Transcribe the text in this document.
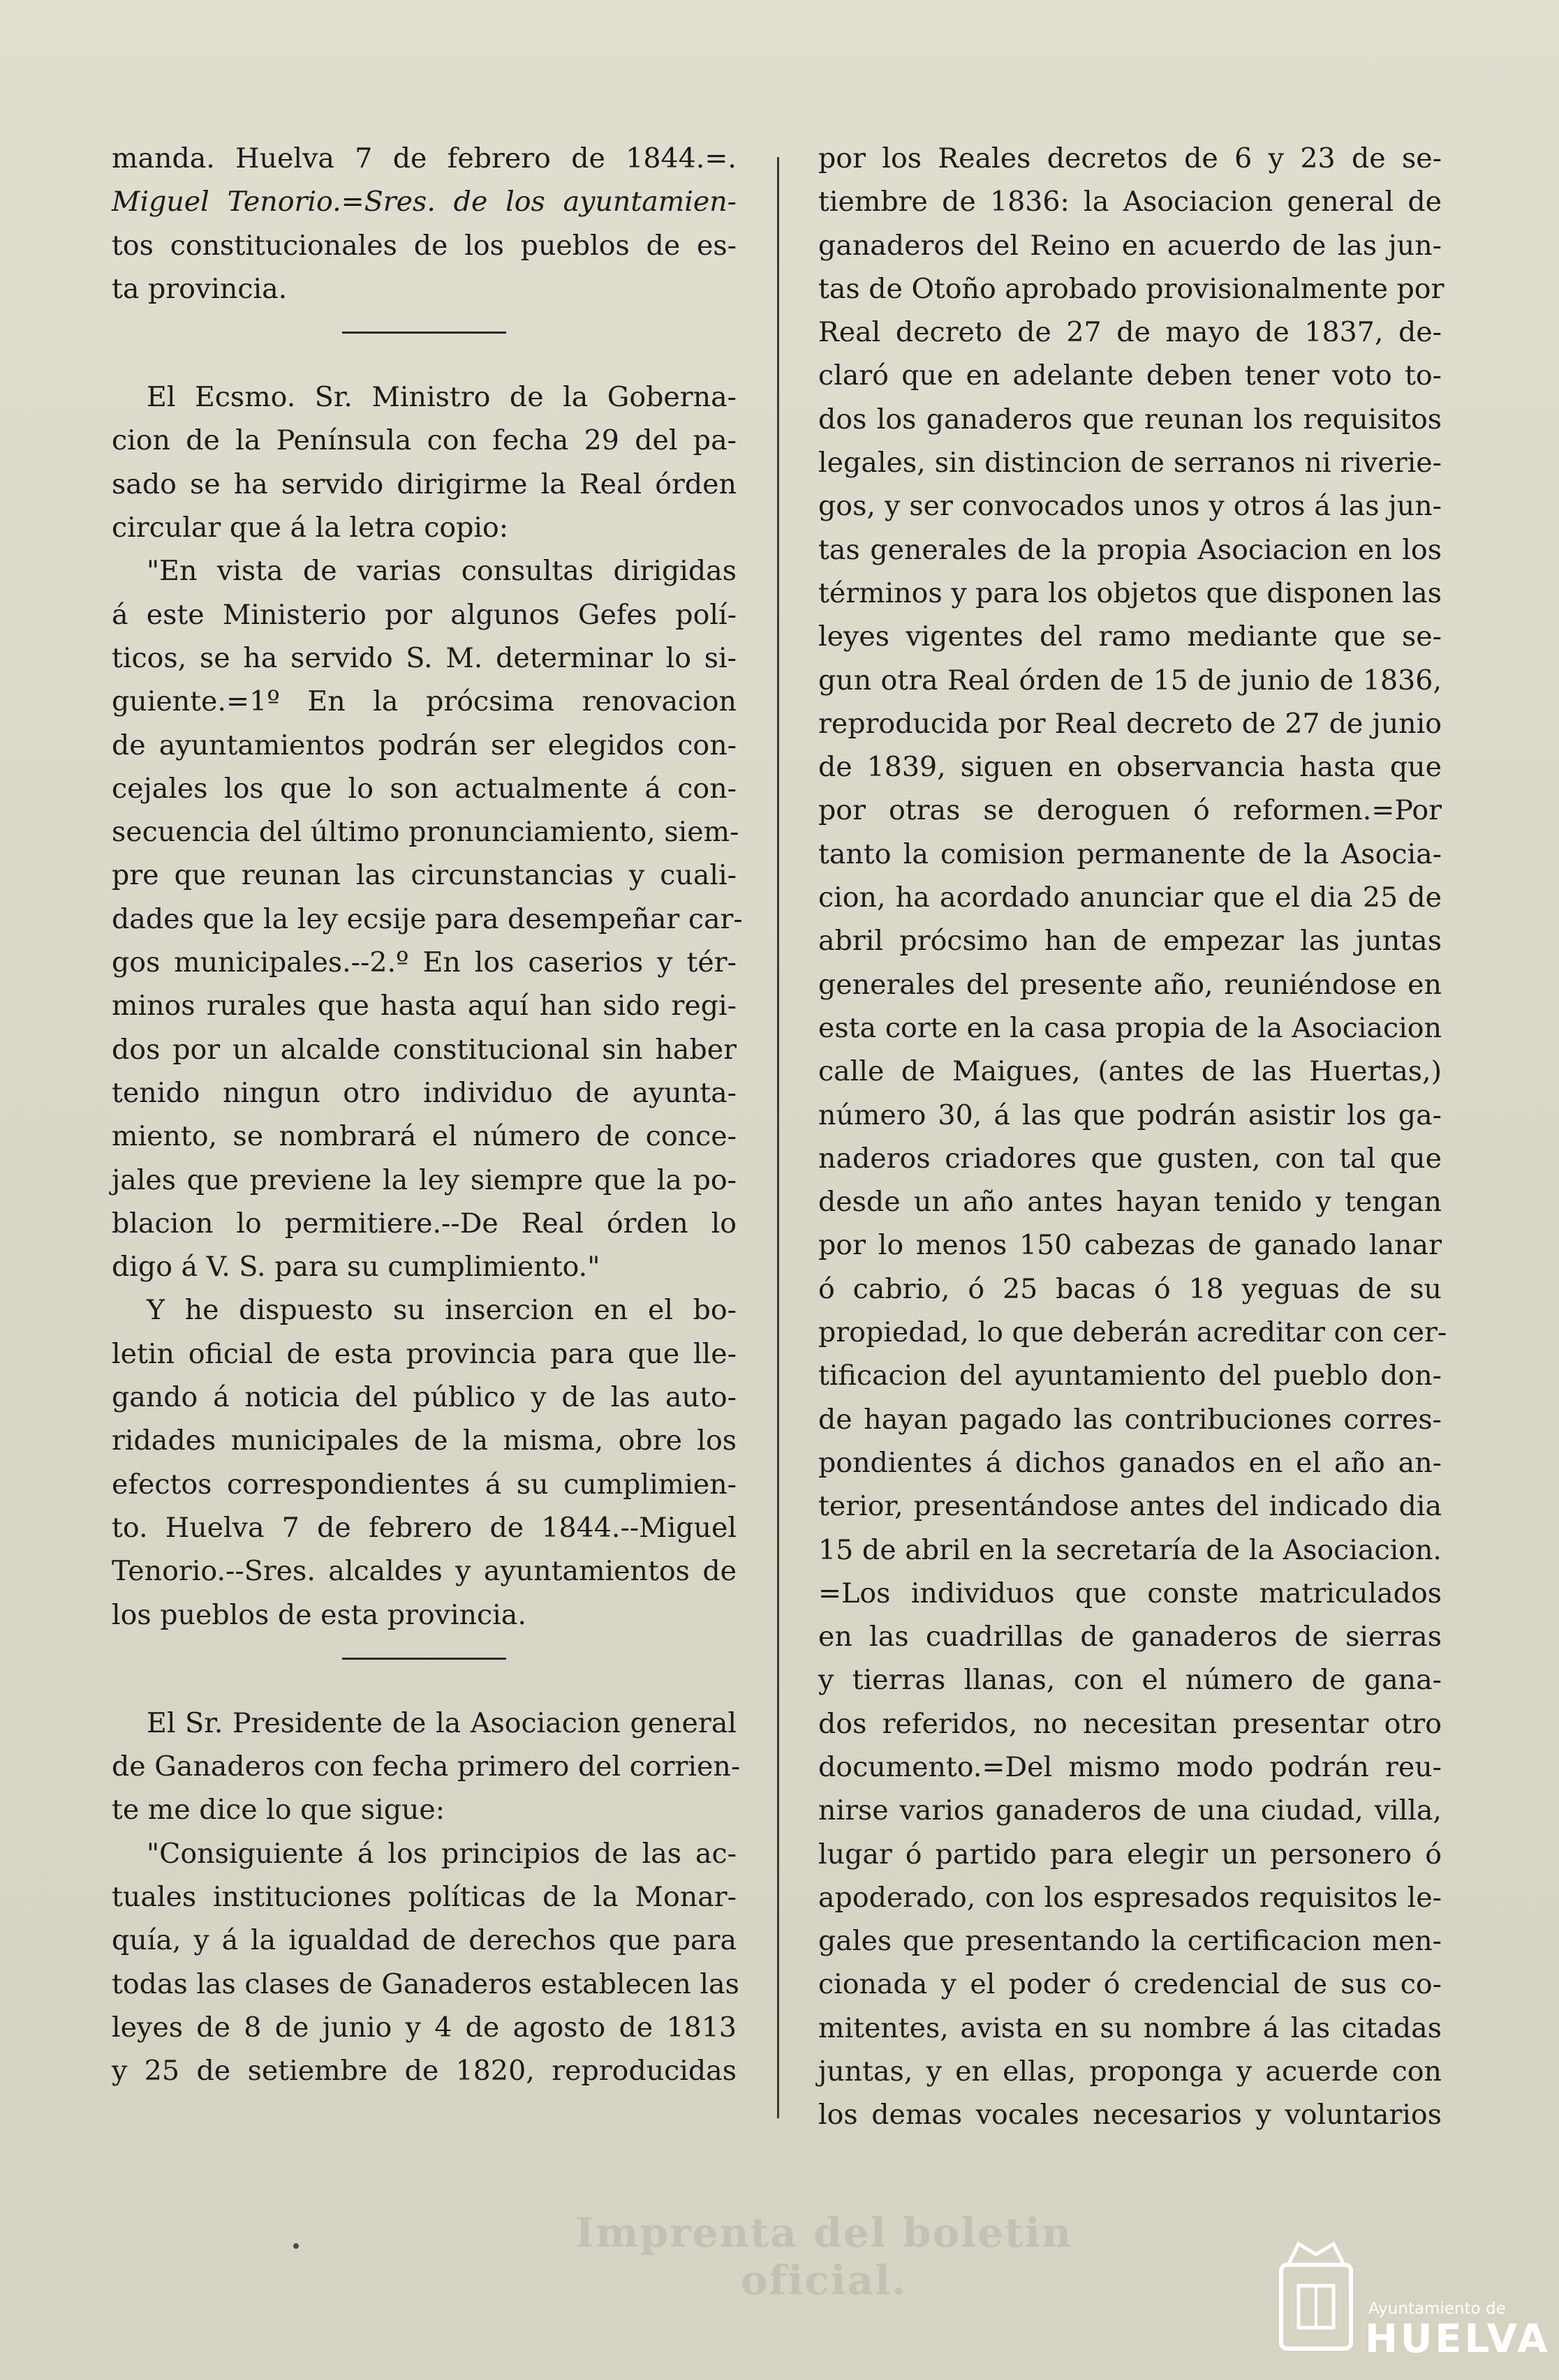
manda. Huelva 7 de febrero de 1844.=.
Miguel Tenorio.=Sres. de los ayuntamien-
tos constitucionales de los pueblos de es-
ta provincia.

El Ecsmo. Sr. Ministro de la Goberna-
cion de la Península con fecha 29 del pa-
sado se ha servido dirigirme la Real órden
circular que á la letra copio:
"En vista de varias consultas dirigidas
á este Ministerio por algunos Gefes polí-
ticos, se ha servido S. M. determinar lo si-
guiente.=1º En la prócsima renovacion
de ayuntamientos podrán ser elegidos con-
cejales los que lo son actualmente á con-
secuencia del último pronunciamiento, siem-
pre que reunan las circunstancias y cuali-
dades que la ley ecsije para desempeñar car-
gos municipales.--2.º En los caserios y tér-
minos rurales que hasta aquí han sido regi-
dos por un alcalde constitucional sin haber
tenido ningun otro individuo de ayunta-
miento, se nombrará el número de conce-
jales que previene la ley siempre que la po-
blacion lo permitiere.--De Real órden lo
digo á V. S. para su cumplimiento."
Y he dispuesto su insercion en el bo-
letin oficial de esta provincia para que lle-
gando á noticia del público y de las auto-
ridades municipales de la misma, obre los
efectos correspondientes á su cumplimien-
to. Huelva 7 de febrero de 1844.--Miguel
Tenorio.--Sres. alcaldes y ayuntamientos de
los pueblos de esta provincia.

El Sr. Presidente de la Asociacion general
de Ganaderos con fecha primero del corrien-
te me dice lo que sigue:
"Consiguiente á los principios de las ac-
tuales instituciones políticas de la Monar-
quía, y á la igualdad de derechos que para
todas las clases de Ganaderos establecen las
leyes de 8 de junio y 4 de agosto de 1813
y 25 de setiembre de 1820, reproducidas

por los Reales decretos de 6 y 23 de se-
tiembre de 1836: la Asociacion general de
ganaderos del Reino en acuerdo de las jun-
tas de Otoño aprobado provisionalmente por
Real decreto de 27 de mayo de 1837, de-
claró que en adelante deben tener voto to-
dos los ganaderos que reunan los requisitos
legales, sin distincion de serranos ni riverie-
gos, y ser convocados unos y otros á las jun-
tas generales de la propia Asociacion en los
términos y para los objetos que disponen las
leyes vigentes del ramo mediante que se-
gun otra Real órden de 15 de junio de 1836,
reproducida por Real decreto de 27 de junio
de 1839, siguen en observancia hasta que
por otras se deroguen ó reformen.=Por
tanto la comision permanente de la Asocia-
cion, ha acordado anunciar que el dia 25 de
abril prócsimo han de empezar las juntas
generales del presente año, reuniéndose en
esta corte en la casa propia de la Asociacion
calle de Maigues, (antes de las Huertas,)
número 30, á las que podrán asistir los ga-
naderos criadores que gusten, con tal que
desde un año antes hayan tenido y tengan
por lo menos 150 cabezas de ganado lanar
ó cabrio, ó 25 bacas ó 18 yeguas de su
propiedad, lo que deberán acreditar con cer-
tificacion del ayuntamiento del pueblo don-
de hayan pagado las contribuciones corres-
pondientes á dichos ganados en el año an-
terior, presentándose antes del indicado dia
15 de abril en la secretaría de la Asociacion.
=Los individuos que conste matriculados
en las cuadrillas de ganaderos de sierras
y tierras llanas, con el número de gana-
dos referidos, no necesitan presentar otro
documento.=Del mismo modo podrán reu-
nirse varios ganaderos de una ciudad, villa,
lugar ó partido para elegir un personero ó
apoderado, con los espresados requisitos le-
gales que presentando la certificacion men-
cionada y el poder ó credencial de sus co-
mitentes, avista en su nombre á las citadas
juntas, y en ellas, proponga y acuerde con
los demas vocales necesarios y voluntarios
Imprenta del boletin oficial.
Ayuntamiento de
HUELVA
